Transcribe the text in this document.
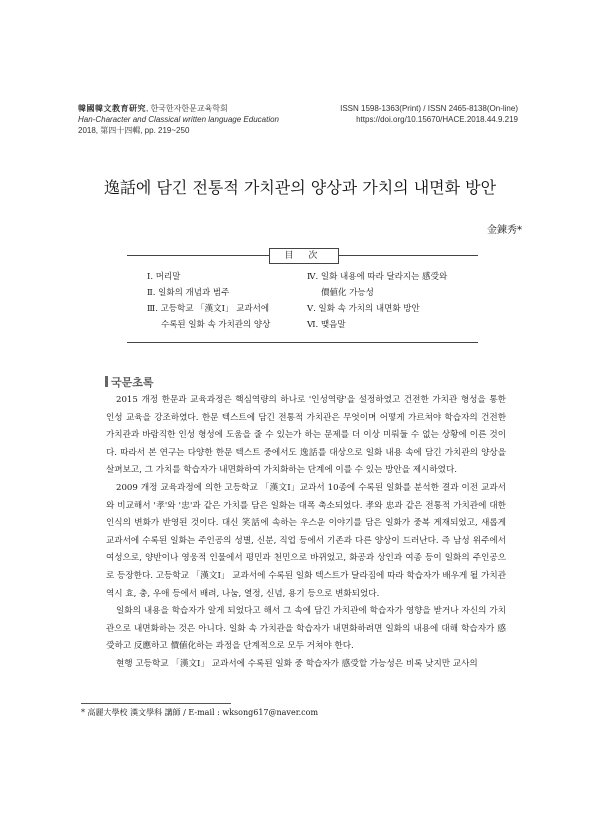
韓國韓文教育研究, 한국한자한문교육학회
Han-Character and Classical written language Education
2018, 第四十四輯, pp. 219~250
ISSN 1598-1363(Print) / ISSN 2465-8138(On-line)
https://doi.org/10.15670/HACE.2018.44.9.219
逸話에 담긴 전통적 가치관의 양상과 가치의 내면화 방안
金鍊秀*
目 次
Ⅰ. 머리말
Ⅱ. 일화의 개념과 범주
Ⅲ. 고등학교 「漢文Ⅰ」 교과서에
수록된 일화 속 가치관의 양상
Ⅳ. 일화 내용에 따라 달라지는 感受와
價値化 가능성
Ⅴ. 일화 속 가치의 내면화 방안
Ⅵ. 맺음말
국문초록

2015 개정 한문과 교육과정은 핵심역량의 하나로 '인성역량'을 설정하였고 건전한 가치관 형성을 통한 인성 교육을 강조하였다. 한문 텍스트에 담긴 전통적 가치관은 무엇이며 어떻게 가르쳐야 학습자의 건전한 가치관과 바람직한 인성 형성에 도움을 줄 수 있는가 하는 문제를 더 이상 미뤄둘 수 없는 상황에 이른 것이다. 따라서 본 연구는 다양한 한문 텍스트 중에서도 逸話를 대상으로 일화 내용 속에 담긴 가치관의 양상을 살펴보고, 그 가치를 학습자가 내면화하여 가치화하는 단계에 이를 수 있는 방안을 제시하였다.

2009 개정 교육과정에 의한 고등학교 「漢文Ⅰ」교과서 10종에 수록된 일화를 분석한 결과 이전 교과서와 비교해서 '孝'와 '忠'과 같은 가치를 담은 일화는 대폭 축소되었다. 孝와 忠과 같은 전통적 가치관에 대한 인식의 변화가 반영된 것이다. 대신 笑話에 속하는 우스운 이야기를 담은 일화가 중복 게재되었고, 새롭게 교과서에 수록된 일화는 주인공의 성별, 신분, 직업 등에서 기존과 다른 양상이 드러난다. 즉 남성 위주에서 여성으로, 양반이나 영웅적 인물에서 평민과 천민으로 바뀌었고, 화공과 상인과 여종 등이 일화의 주인공으로 등장한다. 고등학교 「漢文Ⅰ」 교과서에 수록된 일화 텍스트가 달라짐에 따라 학습자가 배우게 될 가치관 역시 효, 충, 우애 등에서 배려, 나눔, 열정, 신념, 용기 등으로 변화되었다.

일화의 내용을 학습자가 알게 되었다고 해서 그 속에 담긴 가치관에 학습자가 영향을 받거나 자신의 가치관으로 내면화하는 것은 아니다. 일화 속 가치관을 학습자가 내면화하려면 일화의 내용에 대해 학습자가 感受하고 反應하고 價値化하는 과정을 단계적으로 모두 거쳐야 한다.

현행 고등학교 「漢文Ⅰ」 교과서에 수록된 일화 중 학습자가 感受할 가능성은 비록 낮지만 교사의

* 高麗大學校 漢文學科 講師 / E-mail : wksong617@naver.com
